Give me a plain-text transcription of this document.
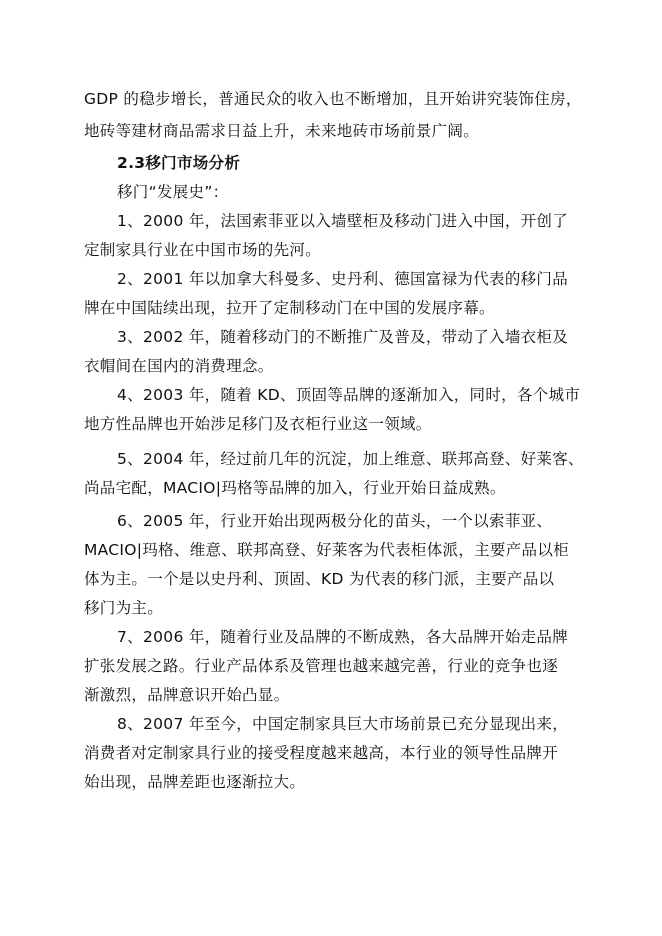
GDP 的稳步增长，普通民众的收入也不断增加，且开始讲究装饰住房，
地砖等建材商品需求日益上升，未来地砖市场前景广阔。
2.3移门市场分析
移门“发展史”：
1、2000 年，法国索菲亚以入墙壁柜及移动门进入中国，开创了
定制家具行业在中国市场的先河。
2、2001 年以加拿大科曼多、史丹利、德国富禄为代表的移门品
牌在中国陆续出现，拉开了定制移动门在中国的发展序幕。
3、2002 年，随着移动门的不断推广及普及，带动了入墙衣柜及
衣帽间在国内的消费理念。
4、2003 年，随着 KD、顶固等品牌的逐渐加入，同时，各个城市
地方性品牌也开始涉足移门及衣柜行业这一领域。
5、2004 年，经过前几年的沉淀，加上维意、联邦高登、好莱客、
尚品宅配，MACIO|玛格等品牌的加入，行业开始日益成熟。
6、2005 年，行业开始出现两极分化的苗头，一个以索菲亚、
MACIO|玛格、维意、联邦高登、好莱客为代表柜体派，主要产品以柜
体为主。一个是以史丹利、顶固、KD 为代表的移门派，主要产品以
移门为主。
7、2006 年，随着行业及品牌的不断成熟，各大品牌开始走品牌
扩张发展之路。行业产品体系及管理也越来越完善，行业的竞争也逐
渐激烈，品牌意识开始凸显。
8、2007 年至今，中国定制家具巨大市场前景已充分显现出来，
消费者对定制家具行业的接受程度越来越高，本行业的领导性品牌开
始出现，品牌差距也逐渐拉大。
